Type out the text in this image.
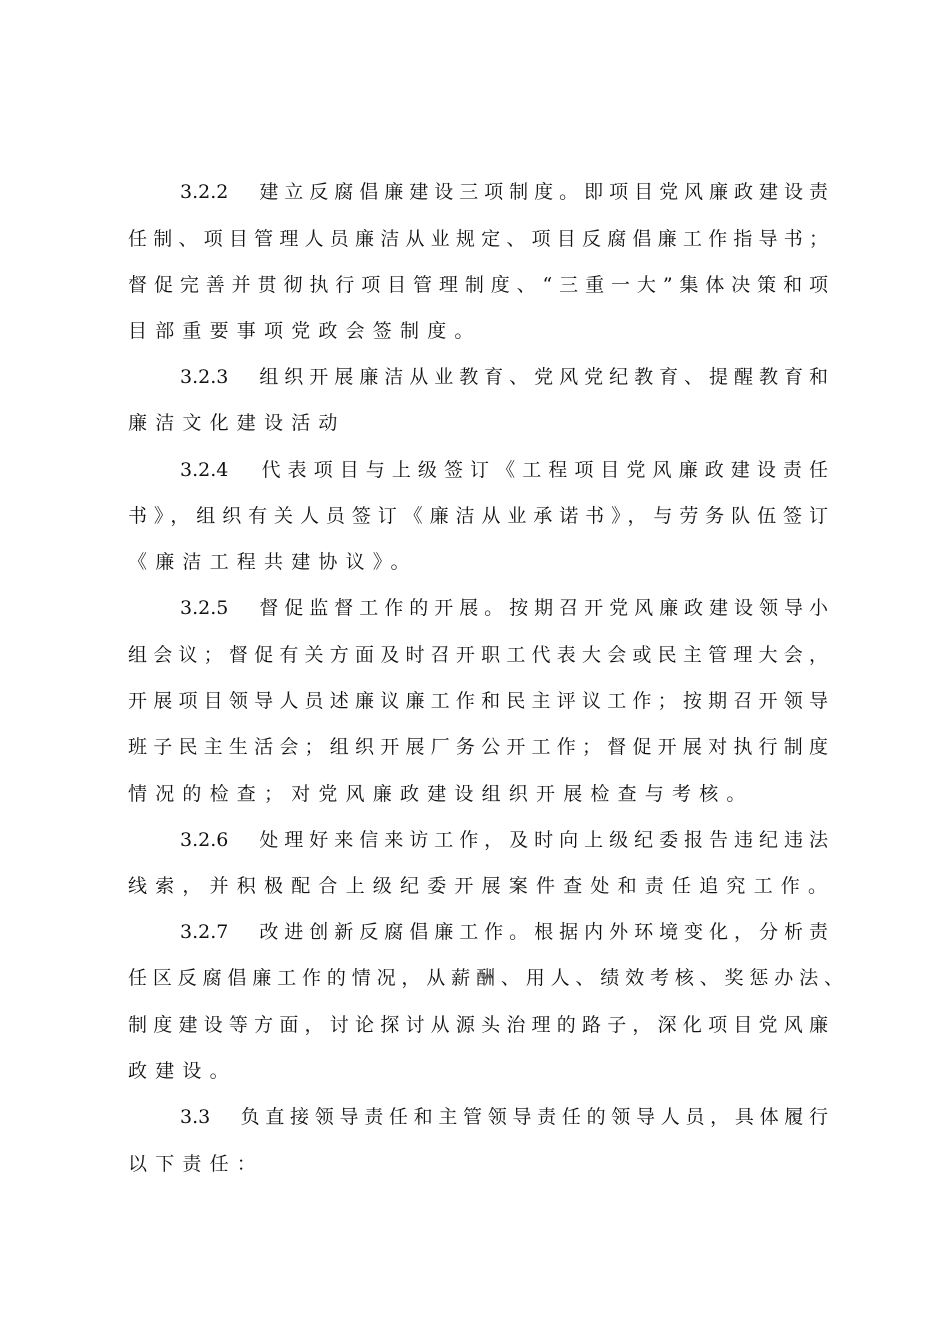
3.2.2　建立反腐倡廉建设三项制度。即项目党风廉政建设责
任制、项目管理人员廉洁从业规定、项目反腐倡廉工作指导书；
督促完善并贯彻执行项目管理制度、“三重一大”集体决策和项
目部重要事项党政会签制度。
3.2.3　组织开展廉洁从业教育、党风党纪教育、提醒教育和
廉洁文化建设活动
3.2.4　代表项目与上级签订《工程项目党风廉政建设责任
书》，组织有关人员签订《廉洁从业承诺书》，与劳务队伍签订
《廉洁工程共建协议》。
3.2.5　督促监督工作的开展。按期召开党风廉政建设领导小
组会议；督促有关方面及时召开职工代表大会或民主管理大会，
开展项目领导人员述廉议廉工作和民主评议工作；按期召开领导
班子民主生活会；组织开展厂务公开工作；督促开展对执行制度
情况的检查；对党风廉政建设组织开展检查与考核。
3.2.6　处理好来信来访工作，及时向上级纪委报告违纪违法
线索，并积极配合上级纪委开展案件查处和责任追究工作。
3.2.7　改进创新反腐倡廉工作。根据内外环境变化，分析责
任区反腐倡廉工作的情况，从薪酬、用人、绩效考核、奖惩办法、
制度建设等方面，讨论探讨从源头治理的路子，深化项目党风廉
政建设。
3.3　负直接领导责任和主管领导责任的领导人员，具体履行
以下责任：
